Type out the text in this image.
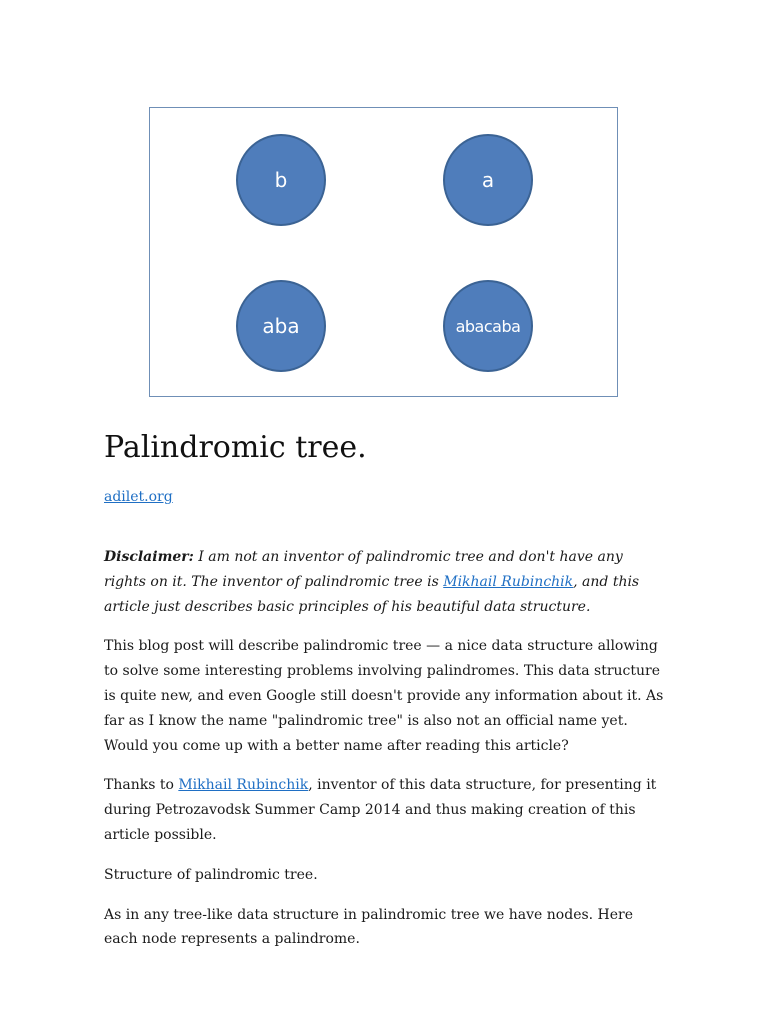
b	a
aba	abacaba
Palindromic tree.
adilet.org

Disclaimer: I am not an inventor of palindromic tree and don't have any rights on it. The inventor of palindromic tree is Mikhail Rubinchik, and this article just describes basic principles of his beautiful data structure.

This blog post will describe palindromic tree — a nice data structure allowing to solve some interesting problems involving palindromes. This data structure is quite new, and even Google still doesn't provide any information about it. As far as I know the name "palindromic tree" is also not an official name yet. Would you come up with a better name after reading this article?

Thanks to Mikhail Rubinchik, inventor of this data structure, for presenting it during Petrozavodsk Summer Camp 2014 and thus making creation of this article possible.

Structure of palindromic tree.

As in any tree-like data structure in palindromic tree we have nodes. Here each node represents a palindrome.
